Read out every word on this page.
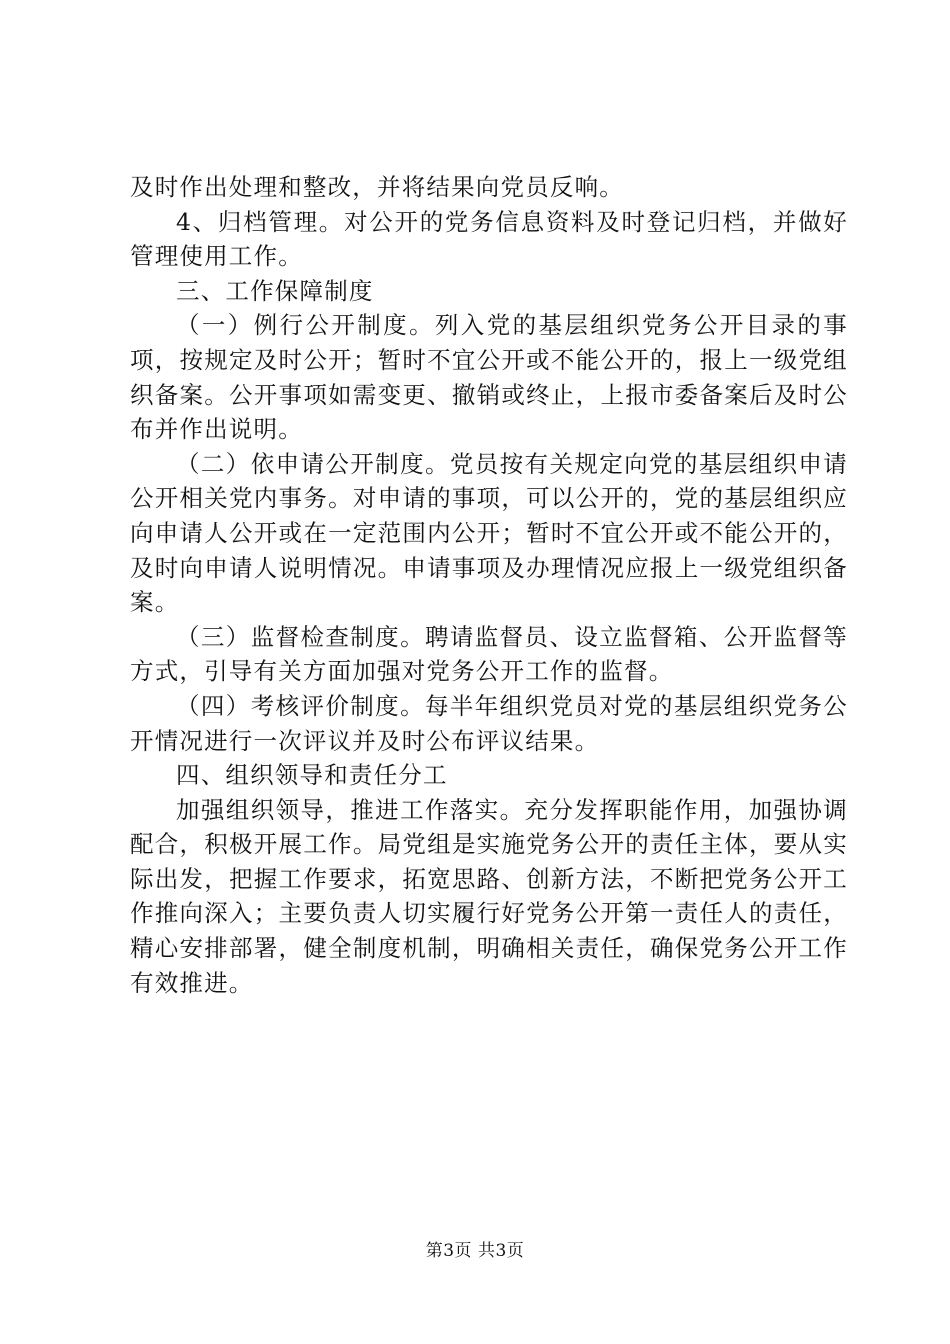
及时作出处理和整改，并将结果向党员反响。

4、归档管理。对公开的党务信息资料及时登记归档，并做好管理使用工作。

三、工作保障制度

（一）例行公开制度。列入党的基层组织党务公开目录的事项，按规定及时公开；暂时不宜公开或不能公开的，报上一级党组织备案。公开事项如需变更、撤销或终止，上报市委备案后及时公布并作出说明。

（二）依申请公开制度。党员按有关规定向党的基层组织申请公开相关党内事务。对申请的事项，可以公开的，党的基层组织应向申请人公开或在一定范围内公开；暂时不宜公开或不能公开的，及时向申请人说明情况。申请事项及办理情况应报上一级党组织备案。

（三）监督检查制度。聘请监督员、设立监督箱、公开监督等方式，引导有关方面加强对党务公开工作的监督。

（四）考核评价制度。每半年组织党员对党的基层组织党务公开情况进行一次评议并及时公布评议结果。

四、组织领导和责任分工

加强组织领导，推进工作落实。充分发挥职能作用，加强协调配合，积极开展工作。局党组是实施党务公开的责任主体，要从实际出发，把握工作要求，拓宽思路、创新方法，不断把党务公开工作推向深入；主要负责人切实履行好党务公开第一责任人的责任，精心安排部署，健全制度机制，明确相关责任，确保党务公开工作有效推进。

第3页 共3页
